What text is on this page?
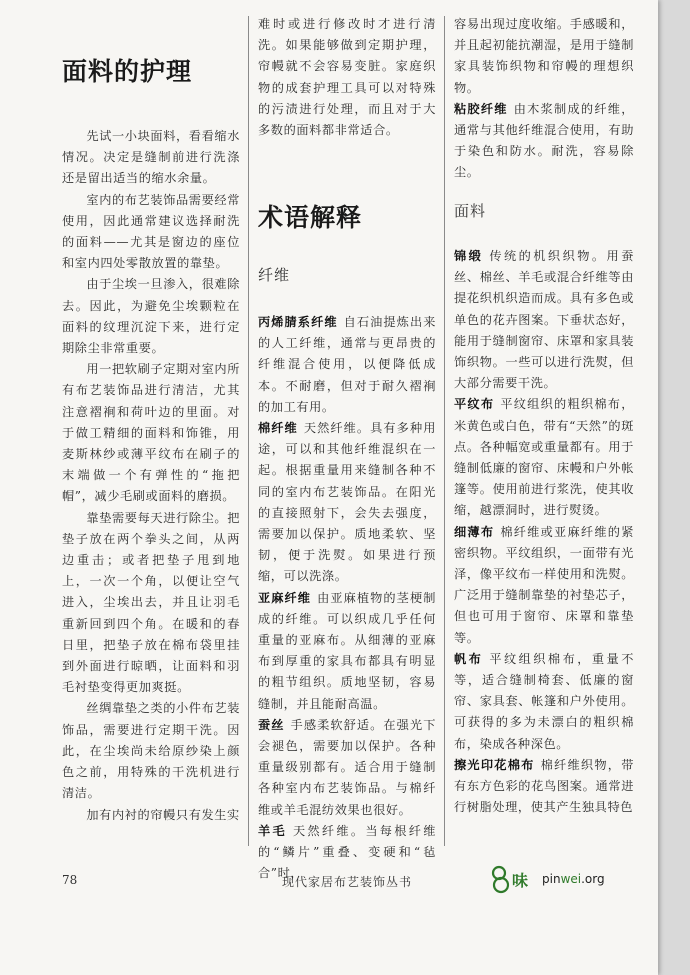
面料的护理

先试一小块面料，看看缩水情况。决定是缝制前进行洗涤还是留出适当的缩水余量。

室内的布艺装饰品需要经常使用，因此通常建议选择耐洗的面料——尤其是窗边的座位和室内四处零散放置的靠垫。

由于尘埃一旦渗入，很难除去。因此，为避免尘埃颗粒在面料的纹理沉淀下来，进行定期除尘非常重要。

用一把软刷子定期对室内所有布艺装饰品进行清洁，尤其注意褶裥和荷叶边的里面。对于做工精细的面料和饰锥，用麦斯林纱或薄平纹布在刷子的末端做一个有弹性的“拖把帽”，减少毛刷或面料的磨损。

靠垫需要每天进行除尘。把垫子放在两个拳头之间，从两边重击；或者把垫子甩到地上，一次一个角，以便让空气进入，尘埃出去，并且让羽毛重新回到四个角。在暖和的春日里，把垫子放在棉布袋里挂到外面进行晾晒，让面料和羽毛衬垫变得更加爽挺。

丝绸靠垫之类的小件布艺装饰品，需要进行定期干洗。因此，在尘埃尚未给原纱染上颜色之前，用特殊的干洗机进行清洁。

加有内衬的帘幔只有发生实

难时或进行修改时才进行清洗。如果能够做到定期护理，帘幔就不会容易变脏。家庭织物的成套护理工具可以对特殊的污渍进行处理，而且对于大多数的面料都非常适合。

术语解释
纤维

丙烯腈系纤维 自石油提炼出来的人工纤维，通常与更昂贵的纤维混合使用，以便降低成本。不耐磨，但对于耐久褶裥的加工有用。

棉纤维 天然纤维。具有多种用途，可以和其他纤维混织在一起。根据重量用来缝制各种不同的室内布艺装饰品。在阳光的直接照射下，会失去强度，需要加以保护。质地柔软、坚韧，便于洗熨。如果进行预缩，可以洗涤。

亚麻纤维 由亚麻植物的茎梗制成的纤维。可以织成几乎任何重量的亚麻布。从细薄的亚麻布到厚重的家具布都具有明显的粗节组织。质地坚韧，容易缝制，并且能耐高温。

蚕丝 手感柔软舒适。在强光下会褪色，需要加以保护。各种重量级别都有。适合用于缝制各种室内布艺装饰品。与棉纤维或羊毛混纺效果也很好。

羊毛 天然纤维。当每根纤维的“鳞片”重叠、变硬和“毡合”时，

容易出现过度收缩。手感暖和，并且起初能抗潮湿，是用于缝制家具装饰织物和帘幔的理想织物。

粘胶纤维 由木浆制成的纤维，通常与其他纤维混合使用，有助于染色和防水。耐洗，容易除尘。

面料

锦缎 传统的机织织物。用蚕丝、棉丝、羊毛或混合纤维等由提花织机织造而成。具有多色或单色的花卉图案。下垂状态好，能用于缝制窗帘、床罩和家具装饰织物。一些可以进行洗熨，但大部分需要干洗。

平纹布 平纹组织的粗织棉布，米黄色或白色，带有“天然”的斑点。各种幅宽或重量都有。用于缝制低廉的窗帘、床幔和户外帐篷等。使用前进行浆洗，使其收缩，越漂洞时，进行熨烫。

细薄布 棉纤维或亚麻纤维的紧密织物。平纹组织，一面带有光泽，像平纹布一样使用和洗熨。广泛用于缝制靠垫的衬垫芯子，但也可用于窗帘、床罩和靠垫等。

帆布 平纹组织棉布，重量不等，适合缝制椅套、低廉的窗帘、家具套、帐篷和户外使用。可获得的多为未漂白的粗织棉布，染成各种深色。

擦光印花棉布 棉纤维织物，带有东方色彩的花鸟图案。通常进行树脂处理，使其产生独具特色

78	现代家居布艺装饰丛书	味 pinwei.org
